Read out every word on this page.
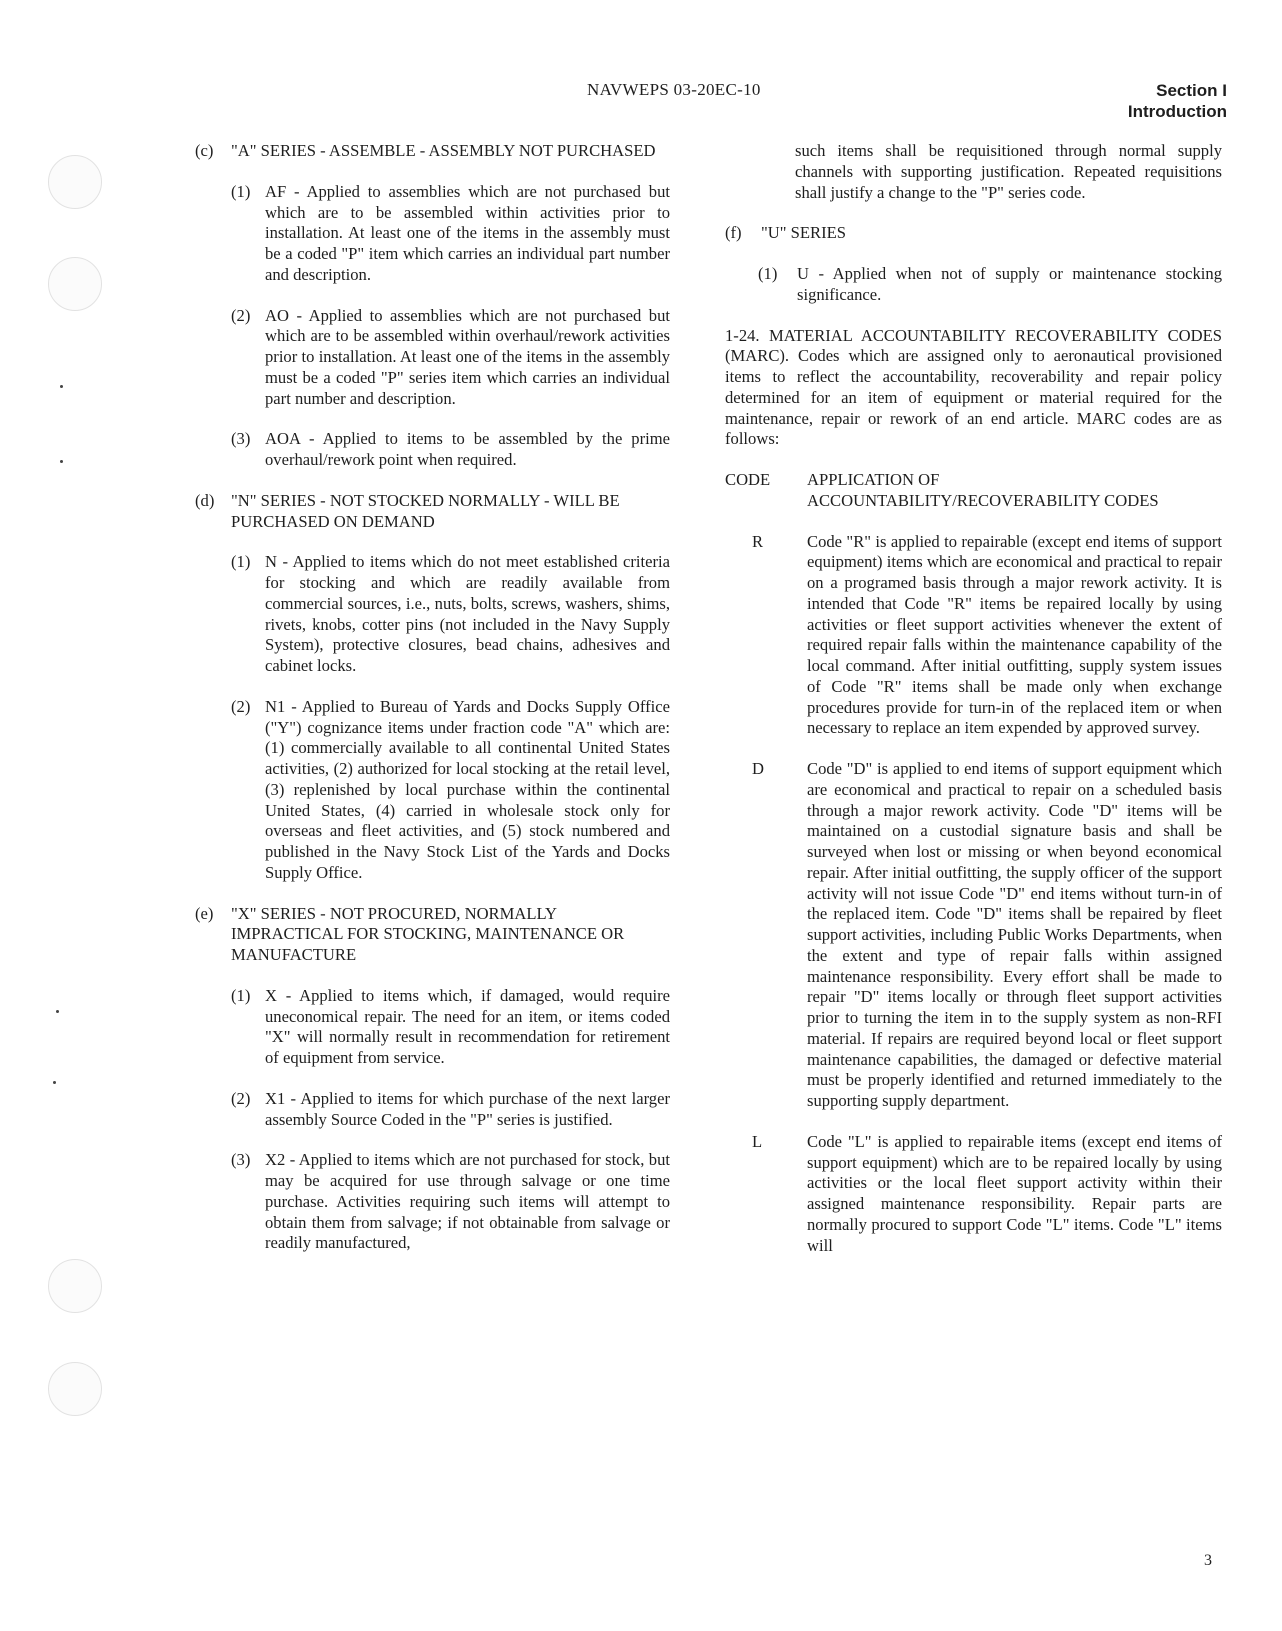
NAVWEPS 03-20EC-10	Section I
Introduction
(c) "A" SERIES - ASSEMBLE - ASSEMBLY NOT PURCHASED
(1) AF - Applied to assemblies which are not purchased but which are to be assembled within activities prior to installation. At least one of the items in the assembly must be a coded "P" item which carries an individual part number and description.
(2) AO - Applied to assemblies which are not purchased but which are to be assembled within overhaul/rework activities prior to installation. At least one of the items in the assembly must be a coded "P" series item which carries an individual part number and description.
(3) AOA - Applied to items to be assembled by the prime overhaul/rework point when required.
(d) "N" SERIES - NOT STOCKED NORMALLY - WILL BE PURCHASED ON DEMAND
(1) N - Applied to items which do not meet established criteria for stocking and which are readily available from commercial sources, i.e., nuts, bolts, screws, washers, shims, rivets, knobs, cotter pins (not included in the Navy Supply System), protective closures, bead chains, adhesives and cabinet locks.
(2) N1 - Applied to Bureau of Yards and Docks Supply Office ("Y") cognizance items under fraction code "A" which are: (1) commercially available to all continental United States activities, (2) authorized for local stocking at the retail level, (3) replenished by local purchase within the continental United States, (4) carried in wholesale stock only for overseas and fleet activities, and (5) stock numbered and published in the Navy Stock List of the Yards and Docks Supply Office.
(e) "X" SERIES - NOT PROCURED, NORMALLY IMPRACTICAL FOR STOCKING, MAINTENANCE OR MANUFACTURE
(1) X - Applied to items which, if damaged, would require uneconomical repair. The need for an item, or items coded "X" will normally result in recommendation for retirement of equipment from service.
(2) X1 - Applied to items for which purchase of the next larger assembly Source Coded in the "P" series is justified.
(3) X2 - Applied to items which are not purchased for stock, but may be acquired for use through salvage or one time purchase. Activities requiring such items will attempt to obtain them from salvage; if not obtainable from salvage or readily manufactured,
such items shall be requisitioned through normal supply channels with supporting justification. Repeated requisitions shall justify a change to the "P" series code.
(f) "U" SERIES
(1) U - Applied when not of supply or maintenance stocking significance.
1-24. MATERIAL ACCOUNTABILITY RECOVERABILITY CODES (MARC). Codes which are assigned only to aeronautical provisioned items to reflect the accountability, recoverability and repair policy determined for an item of equipment or material required for the maintenance, repair or rework of an end article. MARC codes are as follows:
CODE APPLICATION OF ACCOUNTABILITY/RECOVERABILITY CODES
R	Code "R" is applied to repairable (except end items of support equipment) items which are economical and practical to repair on a programed basis through a major rework activity. It is intended that Code "R" items be repaired locally by using activities or fleet support activities whenever the extent of required repair falls within the maintenance capability of the local command. After initial outfitting, supply system issues of Code "R" items shall be made only when exchange procedures provide for turn-in of the replaced item or when necessary to replace an item expended by approved survey.
D	Code "D" is applied to end items of support equipment which are economical and practical to repair on a scheduled basis through a major rework activity. Code "D" items will be maintained on a custodial signature basis and shall be surveyed when lost or missing or when beyond economical repair. After initial outfitting, the supply officer of the support activity will not issue Code "D" end items without turn-in of the replaced item. Code "D" items shall be repaired by fleet support activities, including Public Works Departments, when the extent and type of repair falls within assigned maintenance responsibility. Every effort shall be made to repair "D" items locally or through fleet support activities prior to turning the item in to the supply system as non-RFI material. If repairs are required beyond local or fleet support maintenance capabilities, the damaged or defective material must be properly identified and returned immediately to the supporting supply department.
L	Code "L" is applied to repairable items (except end items of support equipment) which are to be repaired locally by using activities or the local fleet support activity within their assigned maintenance responsibility. Repair parts are normally procured to support Code "L" items. Code "L" items will
3
